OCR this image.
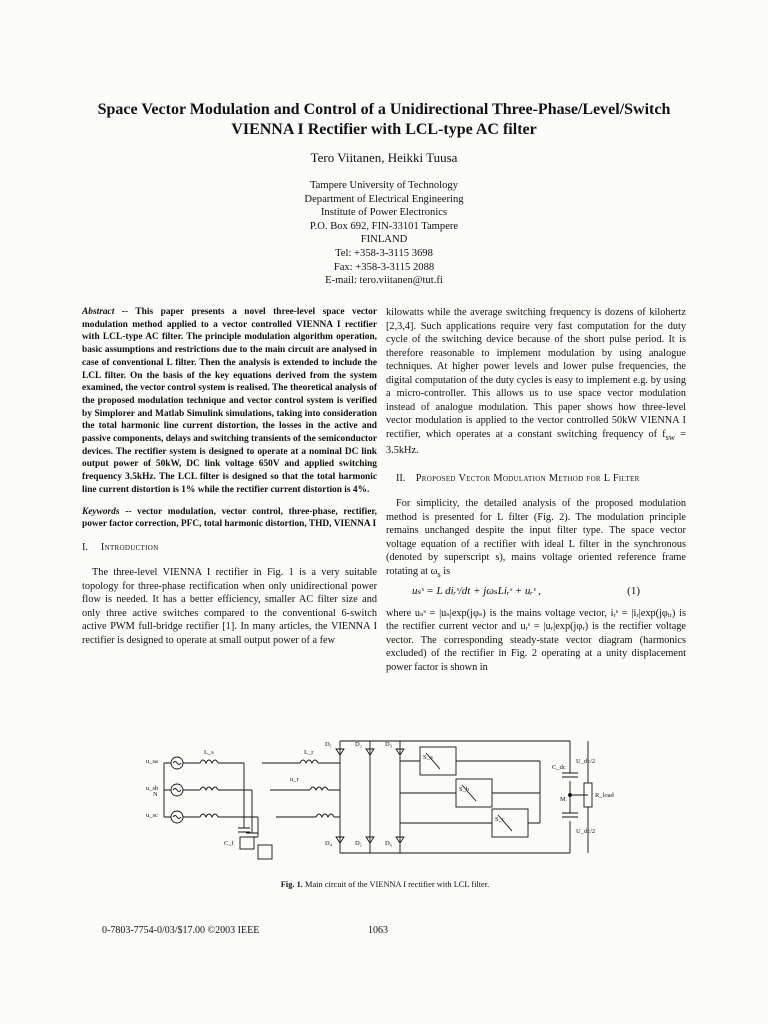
Space Vector Modulation and Control of a Unidirectional Three-Phase/Level/Switch
VIENNA I Rectifier with LCL-type AC filter
Tero Viitanen, Heikki Tuusa
Tampere University of Technology
Department of Electrical Engineering
Institute of Power Electronics
P.O. Box 692, FIN-33101 Tampere
FINLAND
Tel: +358-3-3115 3698
Fax: +358-3-3115 2088
E-mail: tero.viitanen@tut.fi

Abstract -- This paper presents a novel three-level space vector modulation method applied to a vector controlled VIENNA I rectifier with LCL-type AC filter. The principle modulation algorithm operation, basic assumptions and restrictions due to the main circuit are analysed in case of conventional L filter. Then the analysis is extended to include the LCL filter. On the basis of the key equations derived from the system examined, the vector control system is realised. The theoretical analysis of the proposed modulation technique and vector control system is verified by Simplorer and Matlab Simulink simulations, taking into consideration the total harmonic line current distortion, the losses in the active and passive components, delays and switching transients of the semiconductor devices. The rectifier system is designed to operate at a nominal DC link output power of 50kW, DC link voltage 650V and applied switching frequency 3.5kHz. The LCL filter is designed so that the total harmonic line current distortion is 1% while the rectifier current distortion is 4%.

Keywords -- vector modulation, vector control, three-phase, rectifier, power factor correction, PFC, total harmonic distortion, THD, VIENNA I

I. Introduction

The three-level VIENNA I rectifier in Fig. 1 is a very suitable topology for three-phase rectification when only unidirectional power flow is needed. It has a better efficiency, smaller AC filter size and only three active switches compared to the conventional 6-switch active PWM full-bridge rectifier [1]. In many articles, the VIENNA I rectifier is designed to operate at small output power of a few

kilowatts while the average switching frequency is dozens of kilohertz [2,3,4]. Such applications require very fast computation for the duty cycle of the switching device because of the short pulse period. It is therefore reasonable to implement modulation by using analogue techniques. At higher power levels and lower pulse frequencies, the digital computation of the duty cycles is easy to implement e.g. by using a micro-controller. This allows us to use space vector modulation instead of analogue modulation. This paper shows how three-level vector modulation is applied to the vector controlled 50kW VIENNA I rectifier, which operates at a constant switching frequency of $f_{sw} = 3.5kHz$.

II. Proposed Vector Modulation Method for L Filter

For simplicity, the detailed analysis of the proposed modulation method is presented for L filter (Fig. 2). The modulation principle remains unchanged despite the input filter type. The space vector voltage equation of a rectifier with ideal L filter in the synchronous (denoted by superscript s), mains voltage oriented reference frame rotating at $\omega_s$ is

uₛˢ = L diᵣˢ/dt + jωₛLiᵣˢ + uᵣˢ ,	(1)

where uₛˢ = |uₛ|exp(jφₛ) is the mains voltage vector, iᵣˢ = |iᵣ|exp(jφᵢᵣ) is the rectifier current vector and uᵣˢ = |uᵣ|exp(jφᵣ) is the rectifier voltage vector. The corresponding steady-state vector diagram (harmonics excluded) of the rectifier in Fig. 2 operating at a unity displacement power factor is shown in

u_sa
u_sb
u_sc
N
L_s	L_r
u_r
D₁	D₂	D₃
D₄	D₅	D₆
S_a
S_b
S_c
C_f
C_dc
U_dc/2
U_dc/2
M
R_load
Fig. 1. Main circuit of the VIENNA I rectifier with LCL filter.
0-7803-7754-0/03/$17.00 ©2003 IEEE	1063
